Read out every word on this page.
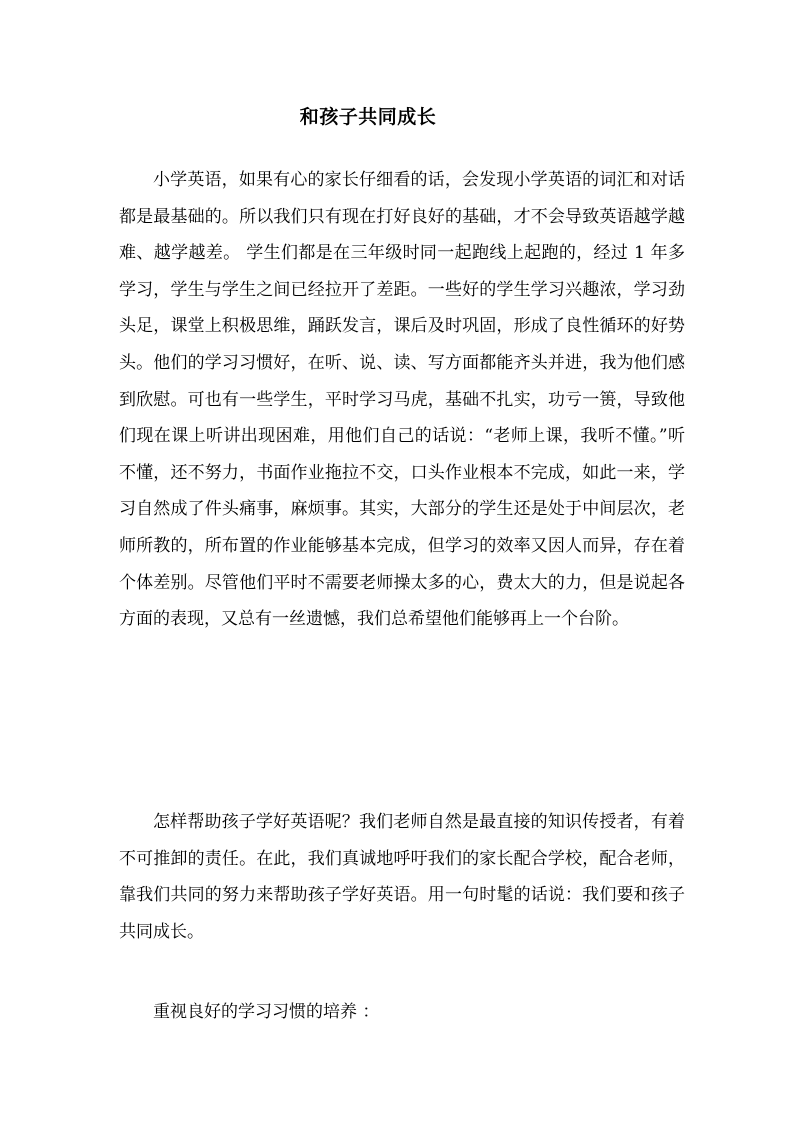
和孩子共同成长

小学英语，如果有心的家长仔细看的话，会发现小学英语的词汇和对话都是最基础的。所以我们只有现在打好良好的基础，才不会导致英语越学越难、越学越差。 学生们都是在三年级时同一起跑线上起跑的，经过 1 年多学习，学生与学生之间已经拉开了差距。一些好的学生学习兴趣浓，学习劲头足，课堂上积极思维，踊跃发言，课后及时巩固，形成了良性循环的好势头。他们的学习习惯好，在听、说、读、写方面都能齐头并进，我为他们感到欣慰。可也有一些学生，平时学习马虎，基础不扎实，功亏一篑，导致他们现在课上听讲出现困难，用他们自己的话说：“老师上课，我听不懂。”听不懂，还不努力，书面作业拖拉不交，口头作业根本不完成，如此一来，学习自然成了件头痛事，麻烦事。其实，大部分的学生还是处于中间层次，老师所教的，所布置的作业能够基本完成，但学习的效率又因人而异，存在着个体差别。尽管他们平时不需要老师操太多的心，费太大的力，但是说起各方面的表现，又总有一丝遗憾，我们总希望他们能够再上一个台阶。

怎样帮助孩子学好英语呢？我们老师自然是最直接的知识传授者，有着不可推卸的责任。在此，我们真诚地呼吁我们的家长配合学校，配合老师，靠我们共同的努力来帮助孩子学好英语。用一句时髦的话说：我们要和孩子共同成长。

重视良好的学习习惯的培养 ：
